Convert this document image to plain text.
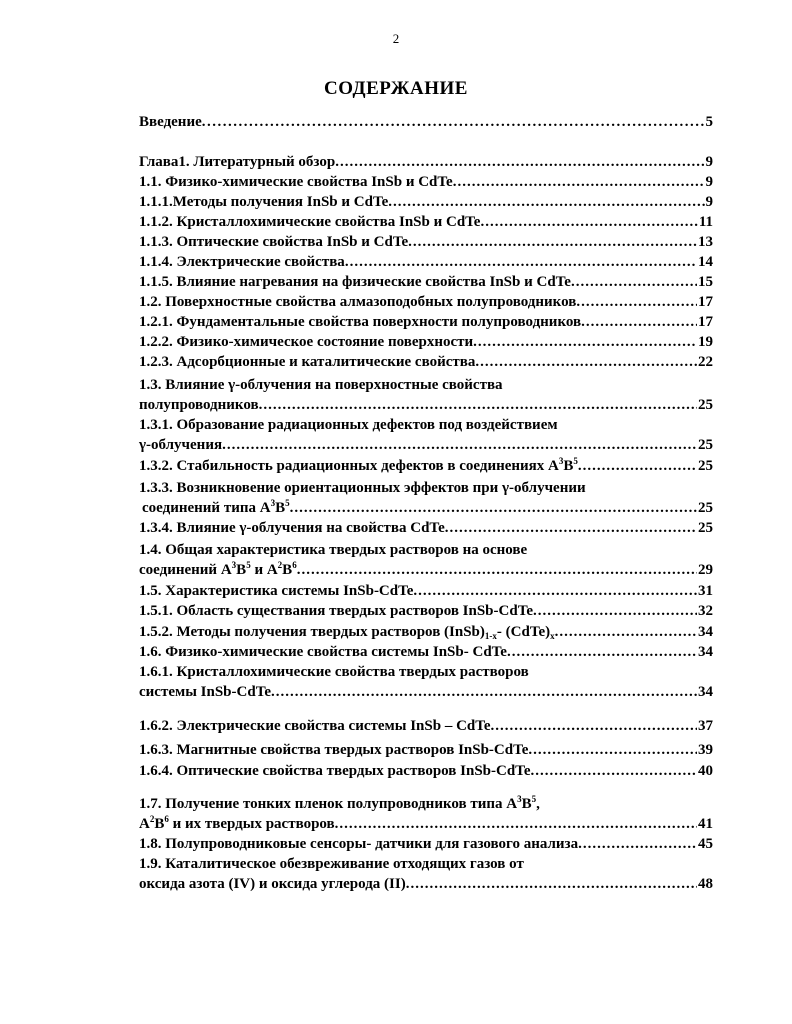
2
СОДЕРЖАНИЕ
Введение .....	5
Глава1. Литературный обзор .....	9
1.1. Физико-химические свойства InSb и CdTe .....	9
1.1.1.Методы получения InSb и CdTe .....	9
1.1.2. Кристаллохимические свойства InSb и CdTe .....	11
1.1.3. Оптические свойства InSb и CdTe .....	13
1.1.4. Электрические свойства .....	14
1.1.5. Влияние нагревания на физические свойства InSb и CdTe .....	15
1.2. Поверхностные свойства алмазоподобных полупроводников .....	17
1.2.1. Фундаментальные свойства поверхности полупроводников .....	17
1.2.2. Физико-химическое состояние поверхности .....	19
1.2.3. Адсорбционные и каталитические свойства .....	22
1.3. Влияние γ-облучения на поверхностные свойства
полупроводников .....	25
1.3.1. Образование радиационных дефектов под воздействием
γ-облучения .....	25
1.3.2. Стабильность радиационных дефектов в соединениях $A^3B^5$ .....	25
1.3.3. Возникновение ориентационных эффектов при γ-облучении
соединений типа $A^3B^5$ .....	25
1.3.4. Влияние γ-облучения на свойства CdTe .....	25
1.4. Общая характеристика твердых растворов на основе
соединений $A^3B^5$ и $A^2B^6$ .....	29
1.5. Характеристика системы InSb-CdTe .....	31
1.5.1. Область существания твердых растворов InSb-CdTe .....	32
1.5.2. Методы получения твердых растворов $(InSb)_{1-x}-$ $(CdTe)_x$ .....	34
1.6. Физико-химические свойства системы InSb- CdTe .....	34
1.6.1. Кристаллохимические свойства твердых растворов
системы InSb-CdTe .....	34
1.6.2. Электрические свойства системы InSb – CdTe .....	37
1.6.3. Магнитные свойства твердых растворов InSb-CdTe .....	39
1.6.4. Оптические свойства твердых растворов InSb-CdTe .....	40
1.7. Получение тонких пленок полупроводников типа $A^3B^5$,
$A^2B^6$ и их твердых растворов .....	41
1.8. Полупроводниковые сенсоры- датчики для газового анализа .....	45
1.9. Каталитическое обезвреживание отходящих газов от
оксида азота (IV) и оксида углерода (II) .....	48
